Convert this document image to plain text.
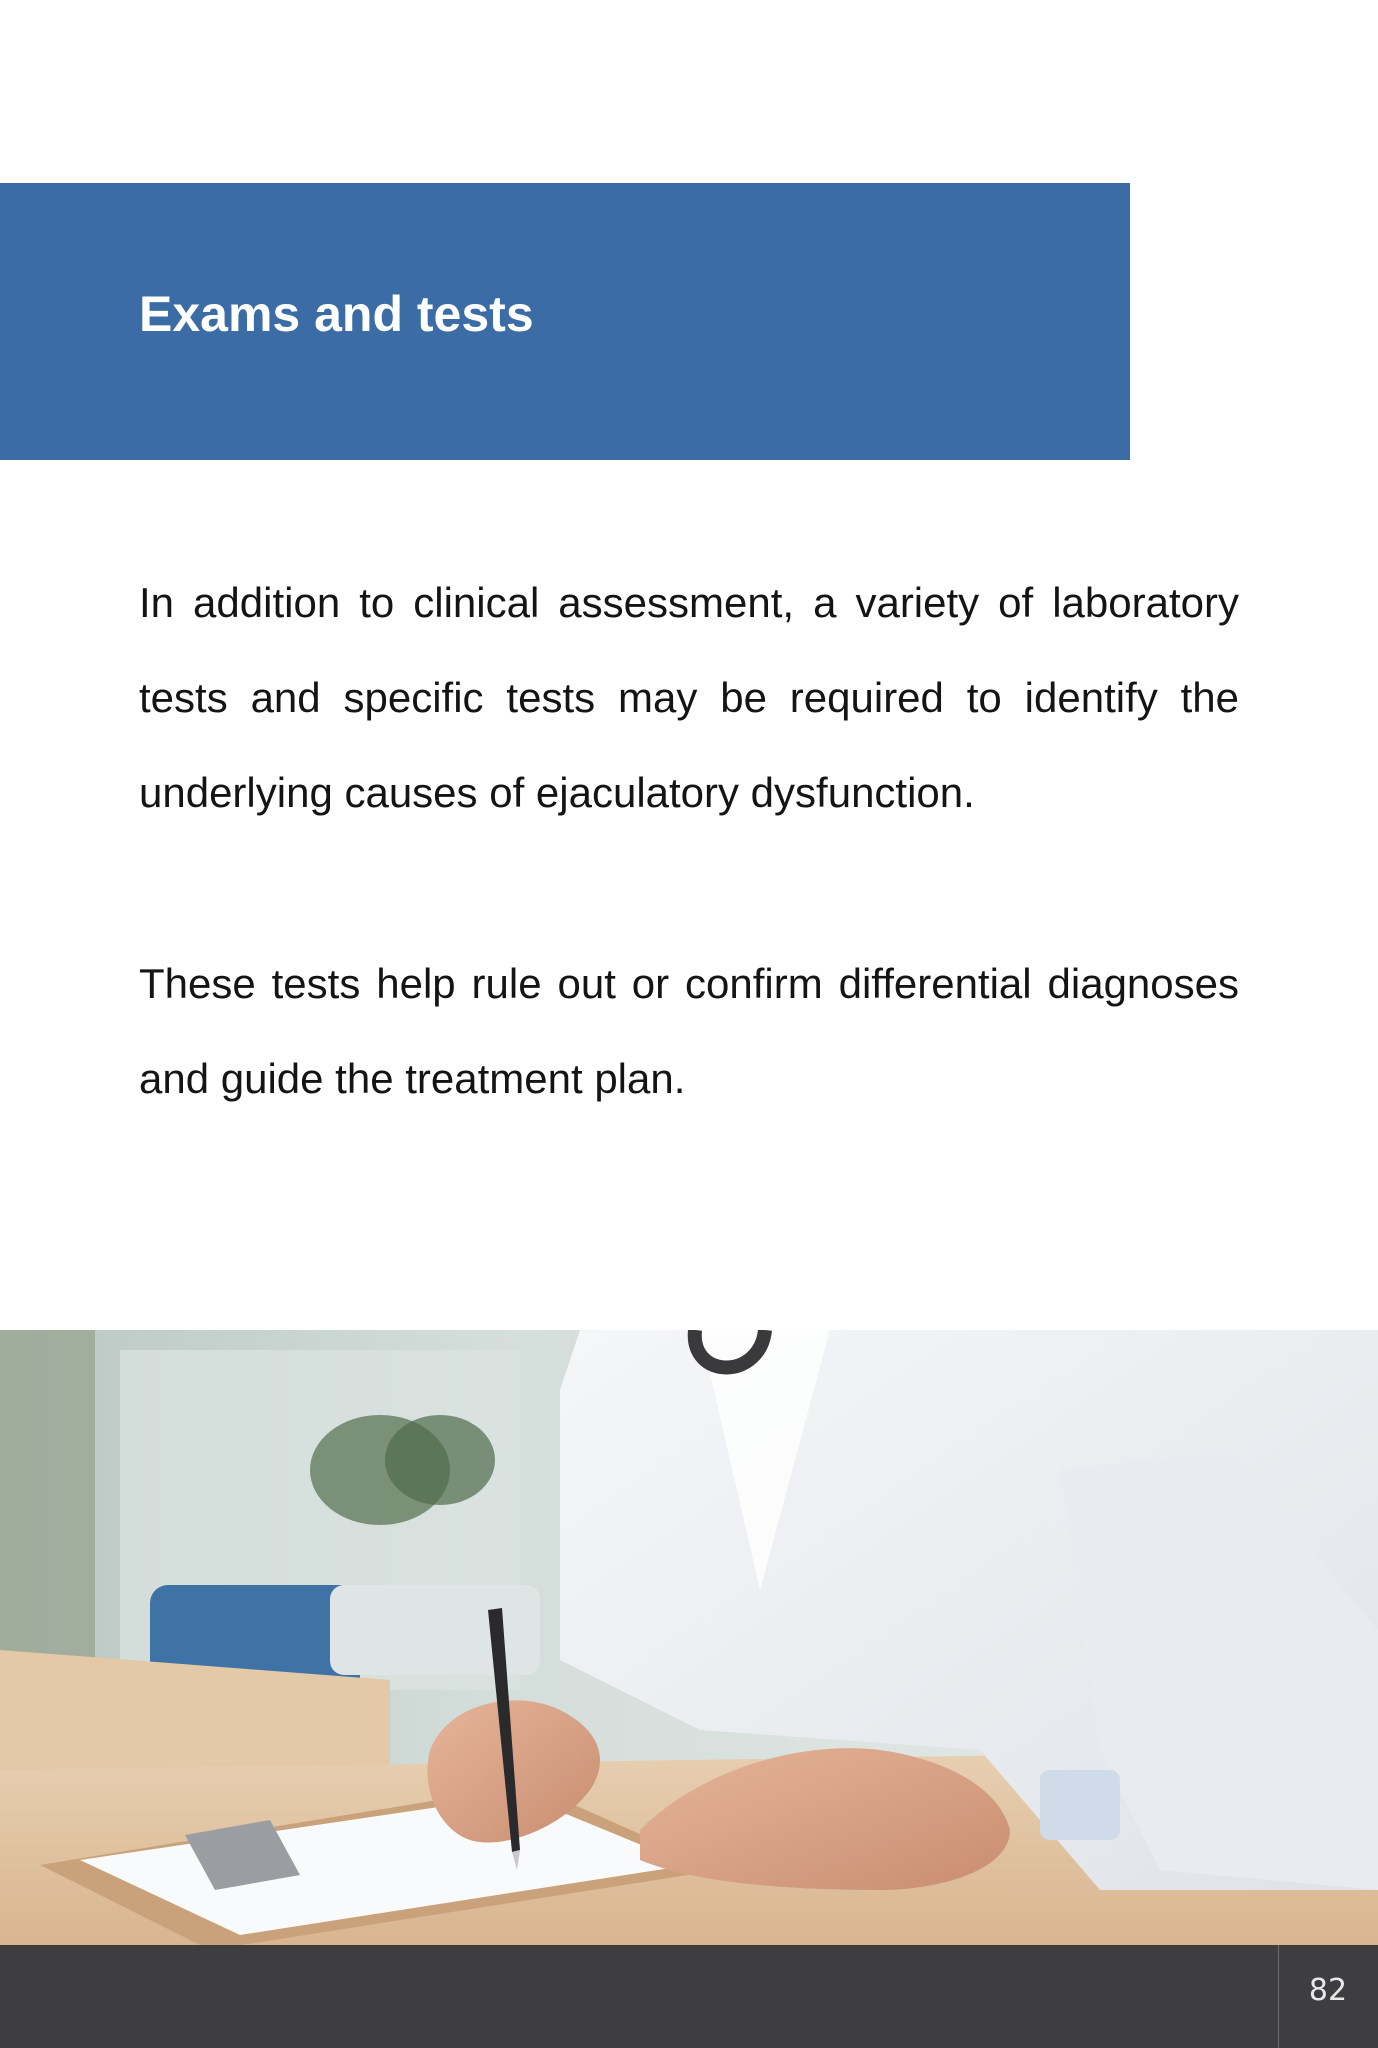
Exams and tests

In addition to clinical assessment, a variety of laboratory tests and specific tests may be required to identify the underlying causes of ejaculatory dysfunction.

These tests help rule out or confirm differential diagnoses and guide the treatment plan.

82
